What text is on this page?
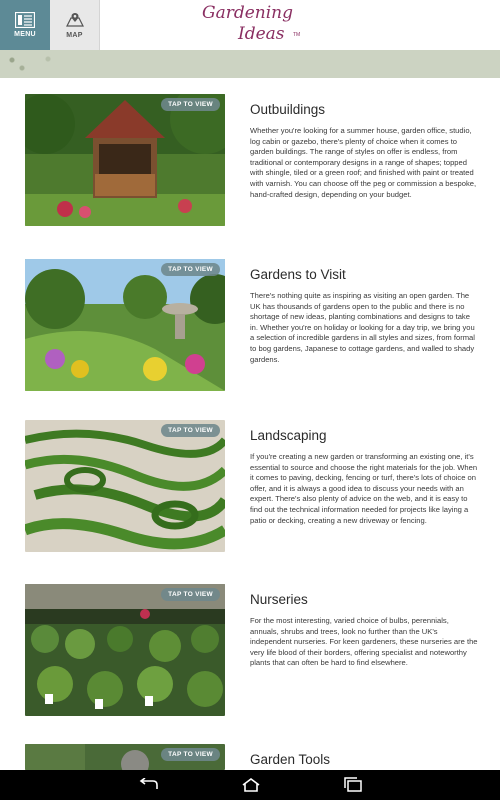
MENU	MAP
Gardening
Ideas TM
TAP TO VIEW	Outbuildings

Whether you're looking for a summer house, garden office, studio, log cabin or gazebo, there's plenty of choice when it comes to garden buildings. The range of styles on offer is endless, from traditional or contemporary designs in a range of shapes; topped with shingle, tiled or a green roof; and finished with paint or treated with varnish. You can choose off the peg or commission a bespoke, hand-crafted design, depending on your budget.

TAP TO VIEW	Gardens to Visit

There's nothing quite as inspiring as visiting an open garden. The UK has thousands of gardens open to the public and there is no shortage of new ideas, planting combinations and designs to take in. Whether you're on holiday or looking for a day trip, we bring you a selection of incredible gardens in all styles and sizes, from formal to bog gardens, Japanese to cottage gardens, and walled to shady gardens.

TAP TO VIEW	Landscaping

If you're creating a new garden or transforming an existing one, it's essential to source and choose the right materials for the job. When it comes to paving, decking, fencing or turf, there's lots of choice on offer, and it is always a good idea to discuss your needs with an expert. There's also plenty of advice on the web, and it is easy to find out the technical information needed for projects like laying a patio or decking, creating a new driveway or fencing.

TAP TO VIEW	Nurseries

For the most interesting, varied choice of bulbs, perennials, annuals, shrubs and trees, look no further than the UK's independent nurseries. For keen gardeners, these nurseries are the very life blood of their borders, offering specialist and noteworthy plants that can often be hard to find elsewhere.

TAP TO VIEW	Garden Tools
